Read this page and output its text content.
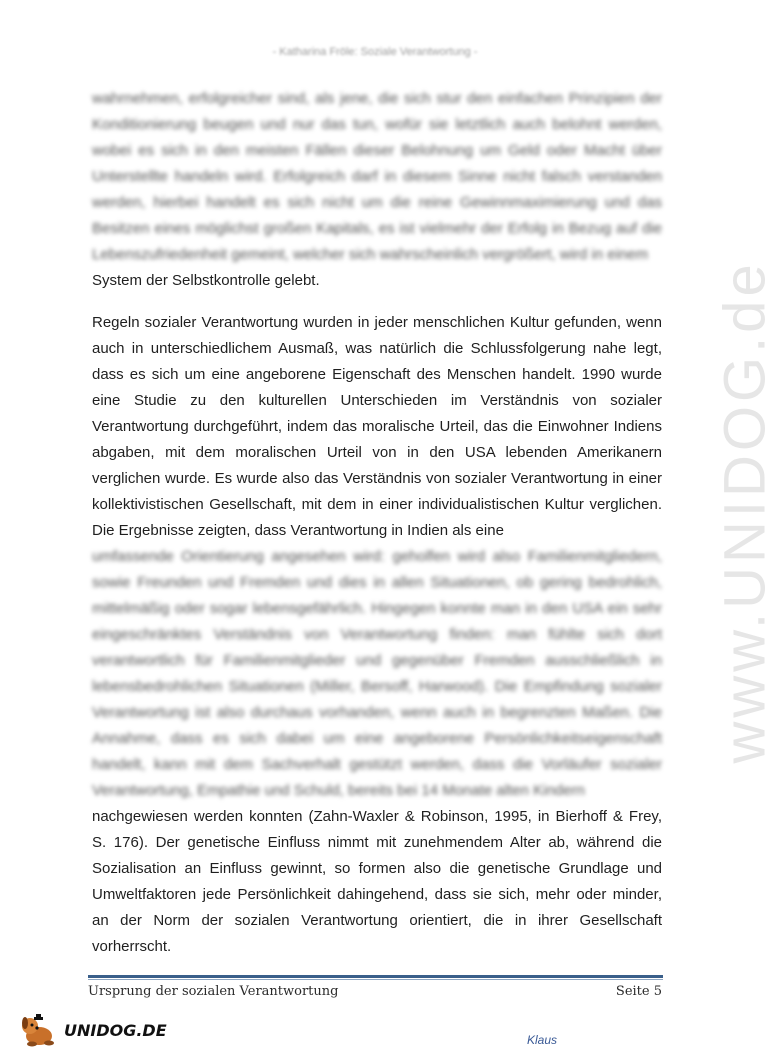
- Katharina Fröle: Soziale Verantwortung -

wahrnehmen, erfolgreicher sind, als jene, die sich stur den einfachen Prinzipien der Konditionierung beugen und nur das tun, wofür sie letztlich auch belohnt werden, wobei es sich in den meisten Fällen dieser Belohnung um Geld oder Macht über Unterstellte handeln wird. Erfolgreich darf in diesem Sinne nicht falsch verstanden werden, hierbei handelt es sich nicht um die reine Gewinnmaximierung und das Besitzen eines möglichst großen Kapitals, es ist vielmehr der Erfolg in Bezug auf die Lebenszufriedenheit gemeint, welcher sich wahrscheinlich vergrößert, wird in einem

System der Selbstkontrolle gelebt.

Regeln sozialer Verantwortung wurden in jeder menschlichen Kultur gefunden, wenn auch in unterschiedlichem Ausmaß, was natürlich die Schlussfolgerung nahe legt, dass es sich um eine angeborene Eigenschaft des Menschen handelt. 1990 wurde eine Studie zu den kulturellen Unterschieden im Verständnis von sozialer Verantwortung durchgeführt, indem das moralische Urteil, das die Einwohner Indiens abgaben, mit dem moralischen Urteil von in den USA lebenden Amerikanern verglichen wurde. Es wurde also das Verständnis von sozialer Verantwortung in einer kollektivistischen Gesellschaft, mit dem in einer individualistischen Kultur verglichen. Die Ergebnisse zeigten, dass Verantwortung in Indien als eine

umfassende Orientierung angesehen wird: geholfen wird also Familienmitgliedern, sowie Freunden und Fremden und dies in allen Situationen, ob gering bedrohlich, mittelmäßig oder sogar lebensgefährlich. Hingegen konnte man in den USA ein sehr eingeschränktes Verständnis von Verantwortung finden: man fühlte sich dort verantwortlich für Familienmitglieder und gegenüber Fremden ausschließlich in lebensbedrohlichen Situationen (Miller, Bersoff, Harwood). Die Empfindung sozialer Verantwortung ist also durchaus vorhanden, wenn auch in begrenzten Maßen. Die Annahme, dass es sich dabei um eine angeborene Persönlichkeitseigenschaft handelt, kann mit dem Sachverhalt gestützt werden, dass die Vorläufer sozialer Verantwortung, Empathie und Schuld, bereits bei 14 Monate alten Kindern

nachgewiesen werden konnten (Zahn-Waxler & Robinson, 1995, in Bierhoff & Frey, S. 176). Der genetische Einfluss nimmt mit zunehmendem Alter ab, während die Sozialisation an Einfluss gewinnt, so formen also die genetische Grundlage und Umweltfaktoren jede Persönlichkeit dahingehend, dass sie sich, mehr oder minder, an der Norm der sozialen Verantwortung orientiert, die in ihrer Gesellschaft vorherrscht.

www.UNIDOG.de
Ursprung der sozialen Verantwortung	Seite 5
UNIDOG.DE	Klaus
